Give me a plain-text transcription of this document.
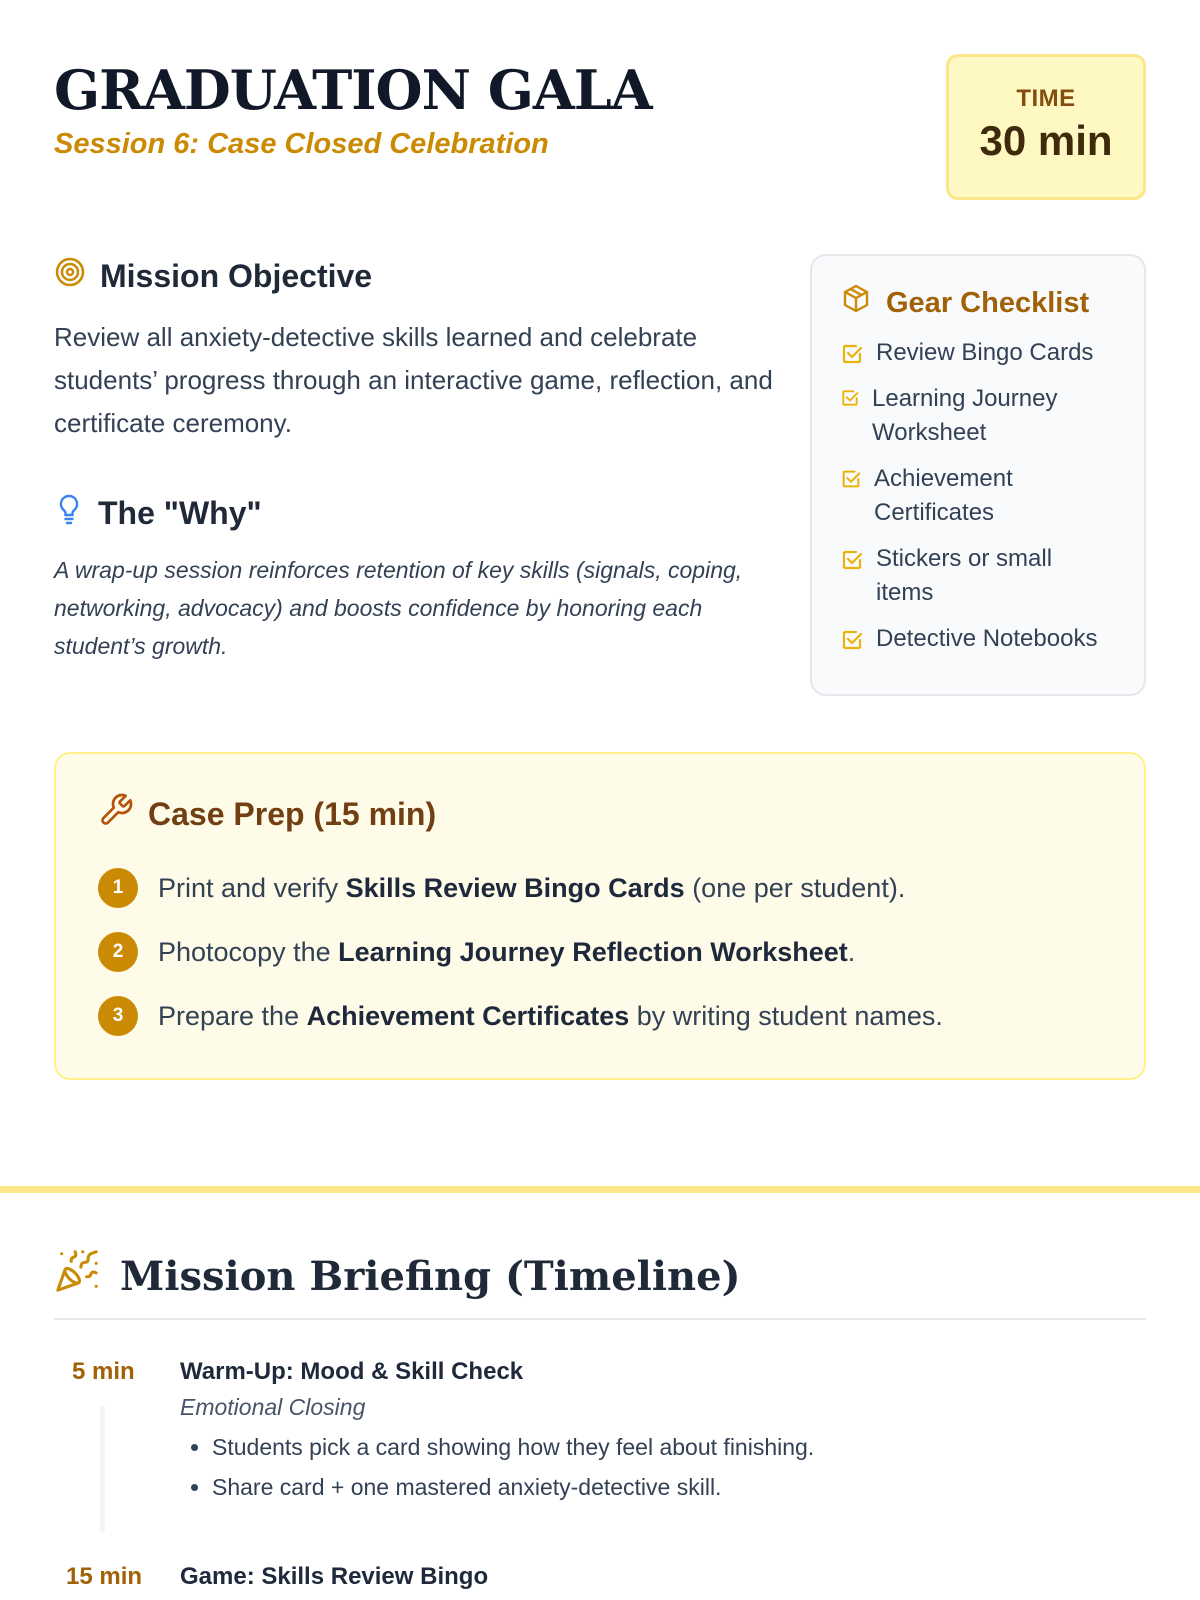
GRADUATION GALA
Session 6: Case Closed Celebration
TIME
30 min
Mission Objective

Review all anxiety-detective skills learned and celebrate students’ progress through an interactive game, reflection, and certificate ceremony.

The "Why"

A wrap-up session reinforces retention of key skills (signals, coping, networking, advocacy) and boosts confidence by honoring each student’s growth.

Gear Checklist
Review Bingo Cards
Learning Journey Worksheet
Achievement Certificates
Stickers or small items
Detective Notebooks
Case Prep (15 min)
1	Print and verify Skills Review Bingo Cards (one per student).
2	Photocopy the Learning Journey Reflection Worksheet.
3	Prepare the Achievement Certificates by writing student names.
Mission Briefing (Timeline)
5 min	Warm-Up: Mood & Skill Check
Emotional Closing
• Students pick a card showing how they feel about finishing.
• Share card + one mastered anxiety-detective skill.
15 min	Game: Skills Review Bingo
